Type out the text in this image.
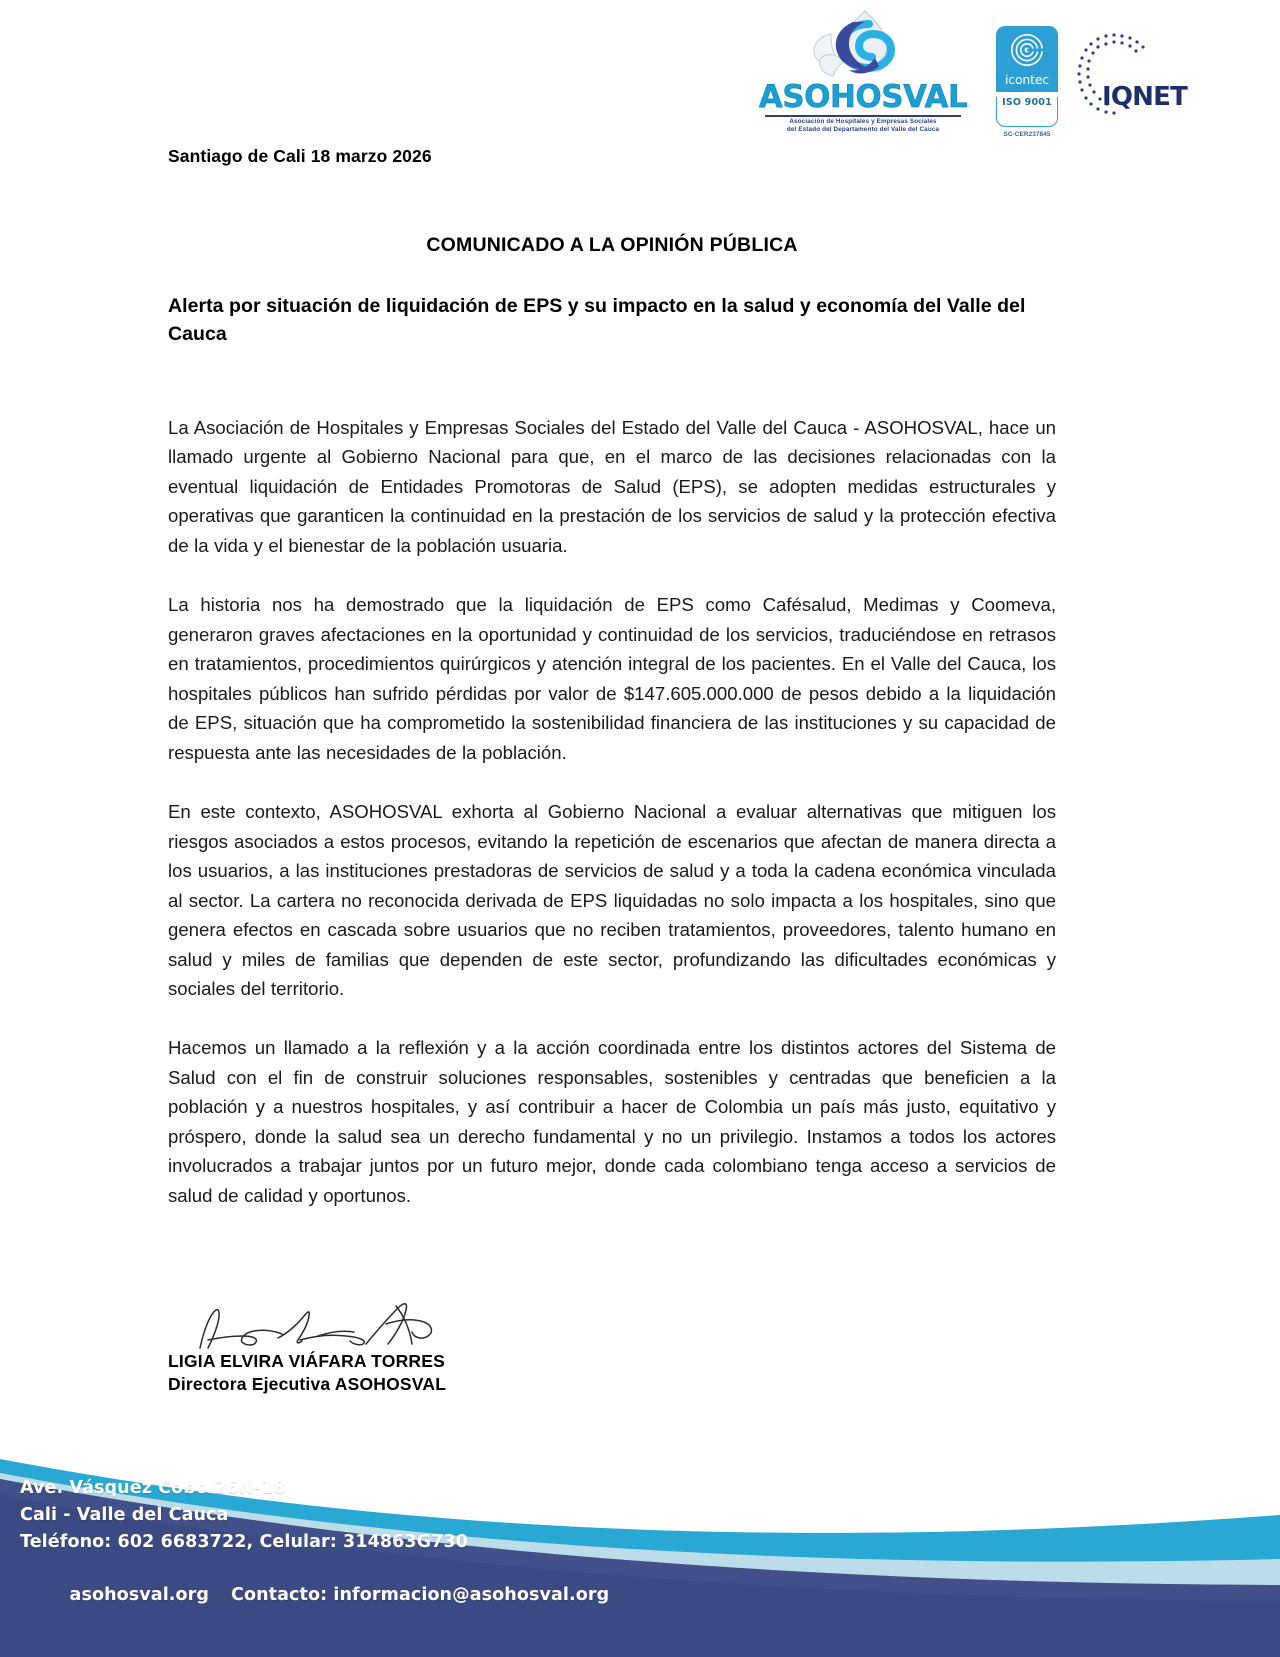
ASOHOSVAL
Asociación de Hospitales y Empresas Sociales
del Estado del Departamento del Valle del Cauca
icontec
ISO 9001
SC-CER237845
IQNET
Santiago de Cali 18 marzo 2026
COMUNICADO A LA OPINIÓN PÚBLICA
Alerta por situación de liquidación de EPS y su impacto en la salud y economía del Valle del Cauca

La Asociación de Hospitales y Empresas Sociales del Estado del Valle del Cauca - ASOHOSVAL, hace un llamado urgente al Gobierno Nacional para que, en el marco de las decisiones relacionadas con la eventual liquidación de Entidades Promotoras de Salud (EPS), se adopten medidas estructurales y operativas que garanticen la continuidad en la prestación de los servicios de salud y la protección efectiva de la vida y el bienestar de la población usuaria.

La historia nos ha demostrado que la liquidación de EPS como Cafésalud, Medimas y Coomeva, generaron graves afectaciones en la oportunidad y continuidad de los servicios, traduciéndose en retrasos en tratamientos, procedimientos quirúrgicos y atención integral de los pacientes. En el Valle del Cauca, los hospitales públicos han sufrido pérdidas por valor de $147.605.000.000 de pesos debido a la liquidación de EPS, situación que ha comprometido la sostenibilidad financiera de las instituciones y su capacidad de respuesta ante las necesidades de la población.

En este contexto, ASOHOSVAL exhorta al Gobierno Nacional a evaluar alternativas que mitiguen los riesgos asociados a estos procesos, evitando la repetición de escenarios que afectan de manera directa a los usuarios, a las instituciones prestadoras de servicios de salud y a toda la cadena económica vinculada al sector. La cartera no reconocida derivada de EPS liquidadas no solo impacta a los hospitales, sino que genera efectos en cascada sobre usuarios que no reciben tratamientos, proveedores, talento humano en salud y miles de familias que dependen de este sector, profundizando las dificultades económicas y sociales del territorio.

Hacemos un llamado a la reflexión y a la acción coordinada entre los distintos actores del Sistema de Salud con el fin de construir soluciones responsables, sostenibles y centradas que beneficien a la población y a nuestros hospitales, y así contribuir a hacer de Colombia un país más justo, equitativo y próspero, donde la salud sea un derecho fundamental y no un privilegio. Instamos a todos los actores involucrados a trabajar juntos por un futuro mejor, donde cada colombiano tenga acceso a servicios de salud de calidad y oportunos.

LIGIA ELVIRA VIÁFARA TORRES
Directora Ejecutiva ASOHOSVAL
Ave. Vásquez Cobo 26N-18
Cali - Valle del Cauca
Teléfono: 602 6683722, Celular: 314863G730

asohosval.org Contacto: informacion@asohosval.org
